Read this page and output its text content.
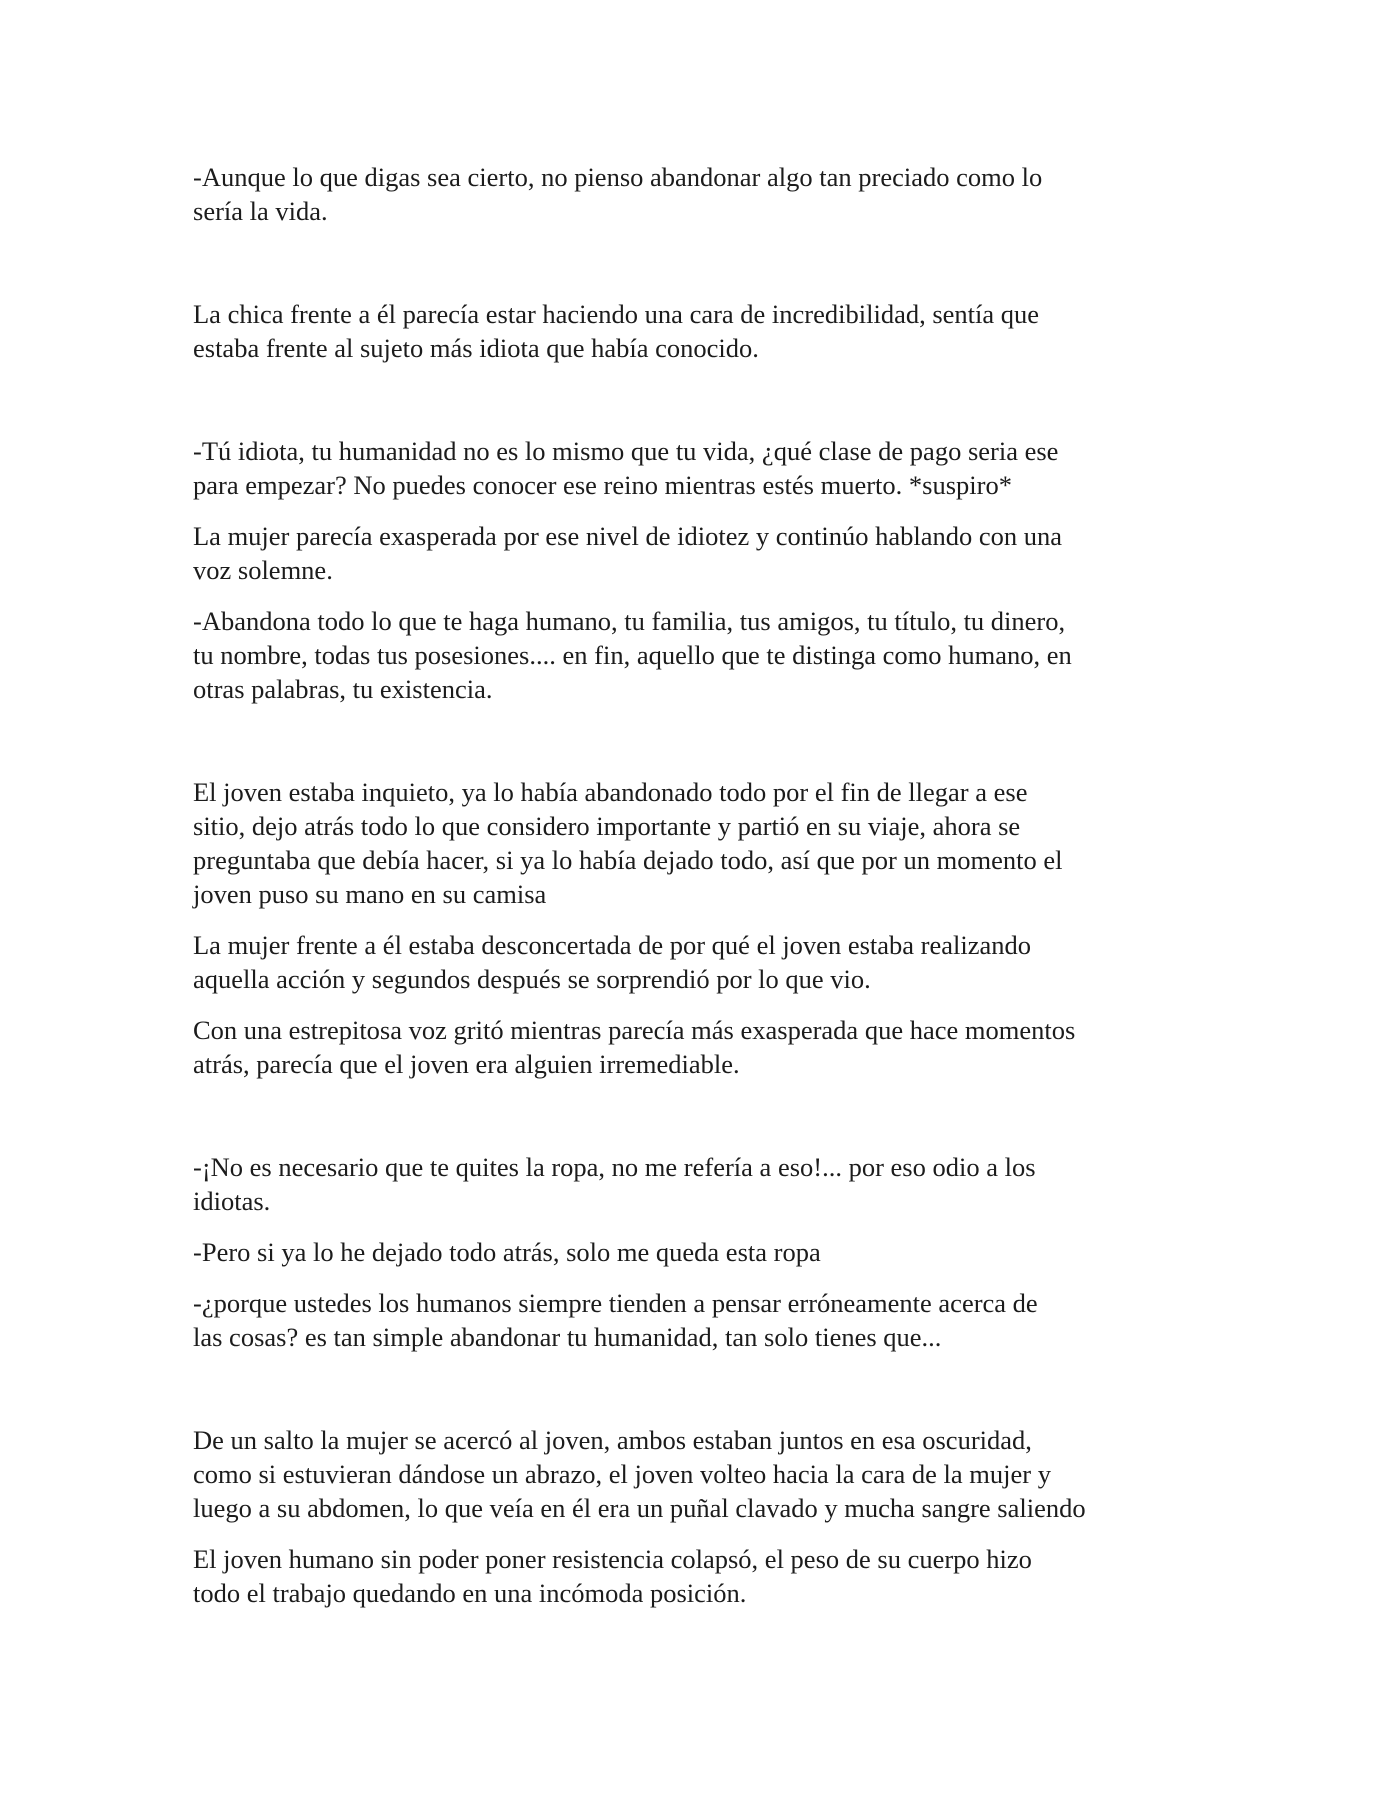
-Aunque lo que digas sea cierto, no pienso abandonar algo tan preciado como lo
sería la vida.

La chica frente a él parecía estar haciendo una cara de incredibilidad, sentía que
estaba frente al sujeto más idiota que había conocido.

-Tú idiota, tu humanidad no es lo mismo que tu vida, ¿qué clase de pago seria ese
para empezar? No puedes conocer ese reino mientras estés muerto. *suspiro*

La mujer parecía exasperada por ese nivel de idiotez y continúo hablando con una
voz solemne.

-Abandona todo lo que te haga humano, tu familia, tus amigos, tu título, tu dinero,
tu nombre, todas tus posesiones.... en fin, aquello que te distinga como humano, en
otras palabras, tu existencia.

El joven estaba inquieto, ya lo había abandonado todo por el fin de llegar a ese
sitio, dejo atrás todo lo que considero importante y partió en su viaje, ahora se
preguntaba que debía hacer, si ya lo había dejado todo, así que por un momento el
joven puso su mano en su camisa

La mujer frente a él estaba desconcertada de por qué el joven estaba realizando
aquella acción y segundos después se sorprendió por lo que vio.

Con una estrepitosa voz gritó mientras parecía más exasperada que hace momentos
atrás, parecía que el joven era alguien irremediable.

-¡No es necesario que te quites la ropa, no me refería a eso!... por eso odio a los
idiotas.

-Pero si ya lo he dejado todo atrás, solo me queda esta ropa

-¿porque ustedes los humanos siempre tienden a pensar erróneamente acerca de
las cosas? es tan simple abandonar tu humanidad, tan solo tienes que...

De un salto la mujer se acercó al joven, ambos estaban juntos en esa oscuridad,
como si estuvieran dándose un abrazo, el joven volteo hacia la cara de la mujer y
luego a su abdomen, lo que veía en él era un puñal clavado y mucha sangre saliendo

El joven humano sin poder poner resistencia colapsó, el peso de su cuerpo hizo
todo el trabajo quedando en una incómoda posición.
